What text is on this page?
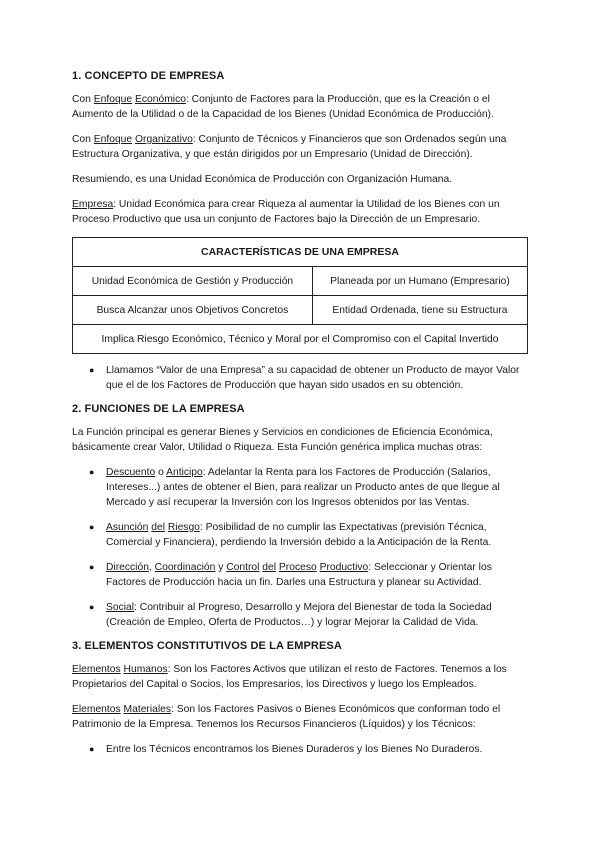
1. CONCEPTO DE EMPRESA

Con Enfoque Económico: Conjunto de Factores para la Producción, que es la Creación o el Aumento de la Utilidad o de la Capacidad de los Bienes (Unidad Económica de Producción).

Con Enfoque Organizativo: Conjunto de Técnicos y Financieros que son Ordenados según una Estructura Organizativa, y que están dirigidos por un Empresario (Unidad de Dirección).

Resumiendo, es una Unidad Económica de Producción con Organización Humana.

Empresa: Unidad Económica para crear Riqueza al aumentar la Utilidad de los Bienes con un Proceso Productivo que usa un conjunto de Factores bajo la Dirección de un Empresario.

CARACTERÍSTICAS DE UNA EMPRESA	
Unidad Económica de Gestión y Producción	Planeada por un Humano (Empresario)
Busca Alcanzar unos Objetivos Concretos	Entidad Ordenada, tiene su Estructura
Implica Riesgo Económico, Técnico y Moral por el Compromiso con el Capital Invertido	
● Llamamos “Valor de una Empresa” a su capacidad de obtener un Producto de mayor Valor que el de los Factores de Producción que hayan sido usados en su obtención.
2. FUNCIONES DE LA EMPRESA

La Función principal es generar Bienes y Servicios en condiciones de Eficiencia Económica, básicamente crear Valor, Utilidad o Riqueza. Esta Función genérica implica muchas otras:

● Descuento o Anticipo: Adelantar la Renta para los Factores de Producción (Salarios, Intereses...) antes de obtener el Bien, para realizar un Producto antes de que llegue al Mercado y así recuperar la Inversión con los Ingresos obtenidos por las Ventas.
● Asunción del Riesgo: Posibilidad de no cumplir las Expectativas (previsión Técnica, Comercial y Financiera), perdiendo la Inversión debido a la Anticipación de la Renta.
● Dirección, Coordinación y Control del Proceso Productivo: Seleccionar y Orientar los Factores de Producción hacia un fin. Darles una Estructura y planear su Actividad.
● Social: Contribuir al Progreso, Desarrollo y Mejora del Bienestar de toda la Sociedad (Creación de Empleo, Oferta de Productos…) y lograr Mejorar la Calidad de Vida.
3. ELEMENTOS CONSTITUTIVOS DE LA EMPRESA

Elementos Humanos: Son los Factores Activos que utilizan el resto de Factores. Tenemos a los Propietarios del Capital o Socios, los Empresarios, los Directivos y luego los Empleados.

Elementos Materiales: Son los Factores Pasivos o Bienes Económicos que conforman todo el Patrimonio de la Empresa. Tenemos los Recursos Financieros (Líquidos) y los Técnicos:

● Entre los Técnicos encontramos los Bienes Duraderos y los Bienes No Duraderos.
